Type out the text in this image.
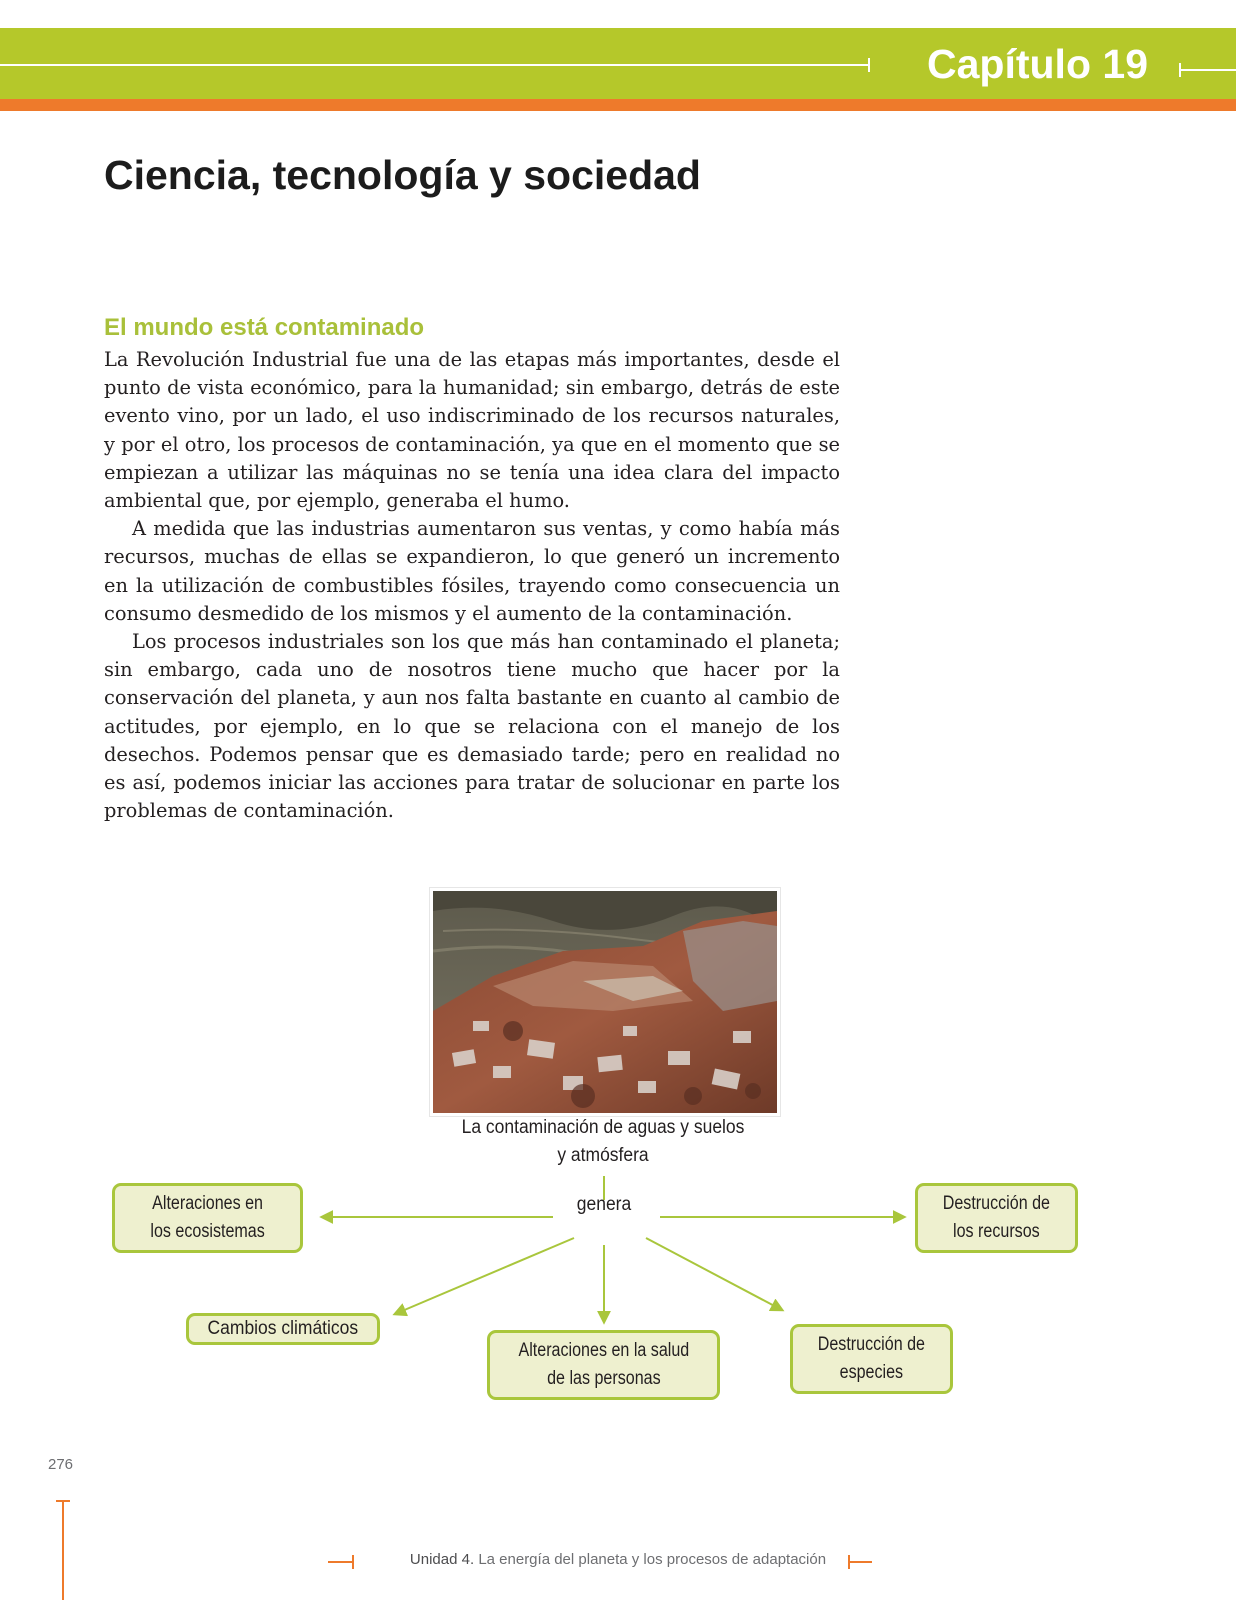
Capítulo 19
Ciencia, tecnología y sociedad
El mundo está contaminado

La Revolución Industrial fue una de las etapas más importantes, desde el punto de vista económico, para la humanidad; sin embargo, detrás de este evento vino, por un lado, el uso indiscriminado de los recursos naturales, y por el otro, los procesos de contaminación, ya que en el momento que se empiezan a utilizar las máquinas no se tenía una idea clara del impacto ambiental que, por ejemplo, generaba el humo.

A medida que las industrias aumentaron sus ventas, y como había más recursos, muchas de ellas se expandieron, lo que generó un incremento en la utilización de combustibles fósiles, trayendo como consecuencia un consumo desmedido de los mismos y el aumento de la contaminación.

Los procesos industriales son los que más han contaminado el planeta; sin embargo, cada uno de nosotros tiene mucho que hacer por la conservación del planeta, y aun nos falta bastante en cuanto al cambio de actitudes, por ejemplo, en lo que se relaciona con el manejo de los desechos. Podemos pensar que es demasiado tarde; pero en realidad no es así, podemos iniciar las acciones para tratar de solucionar en parte los problemas de contaminación.

La contaminación de aguas y suelos
y atmósfera
genera
Alteraciones en
los ecosistemas
Destrucción de
los recursos
Cambios climáticos
Alteraciones en la salud
de las personas
Destrucción de
especies
276
Unidad 4. La energía del planeta y los procesos de adaptación
